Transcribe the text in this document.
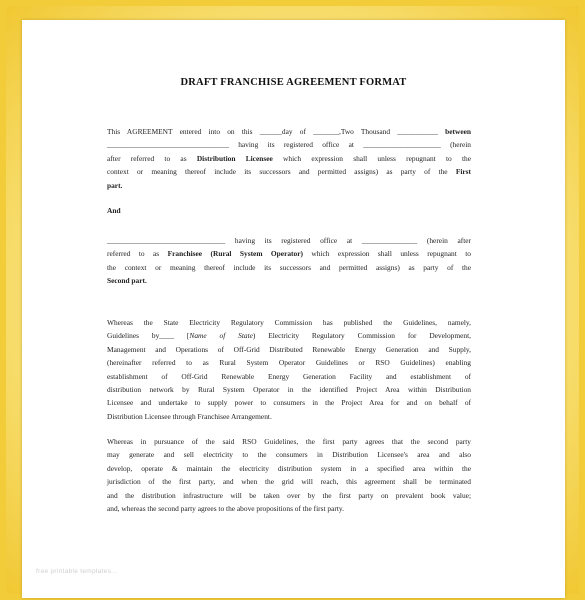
DRAFT FRANCHISE AGREEMENT FORMAT
This AGREEMENT entered into on this ______day of _______,Two Thousand ___________ between
_________________________________ having its registered office at _____________________ (herein
after referred to as Distribution Licensee which expression shall unless repugnant to the
context or meaning thereof include its successors and permitted assigns) as party of the First
part.
And
________________________________ having its registered office at _______________ (herein after
referred to as Franchisee (Rural System Operator) which expression shall unless repugnant to
the context or meaning thereof include its successors and permitted assigns) as party of the
Second part.
Whereas the State Electricity Regulatory Commission has published the Guidelines, namely,
Guidelines by____ [Name of State) Electricity Regulatory Commission for Development,
Management and Operations of Off-Grid Distributed Renewable Energy Generation and Supply,
(hereinafter referred to as Rural System Operator Guidelines or RSO Guidelines) enabling
establishment of Off-Grid Renewable Energy Generation Facility and establishment of
distribution network by Rural System Operator in the identified Project Area within Distribution
Licensee and undertake to supply power to consumers in the Project Area for and on behalf of
Distribution Licensee through Franchisee Arrangement.
Whereas in pursuance of the said RSO Guidelines, the first party agrees that the second party
may generate and sell electricity to the consumers in Distribution Licensee's area and also
develop, operate & maintain the electricity distribution system in a specified area within the
jurisdiction of the first party, and when the grid will reach, this agreement shall be terminated
and the distribution infrastructure will be taken over by the first party on prevalent book value;
and, whereas the second party agrees to the above propositions of the first party.
free printable templates...
